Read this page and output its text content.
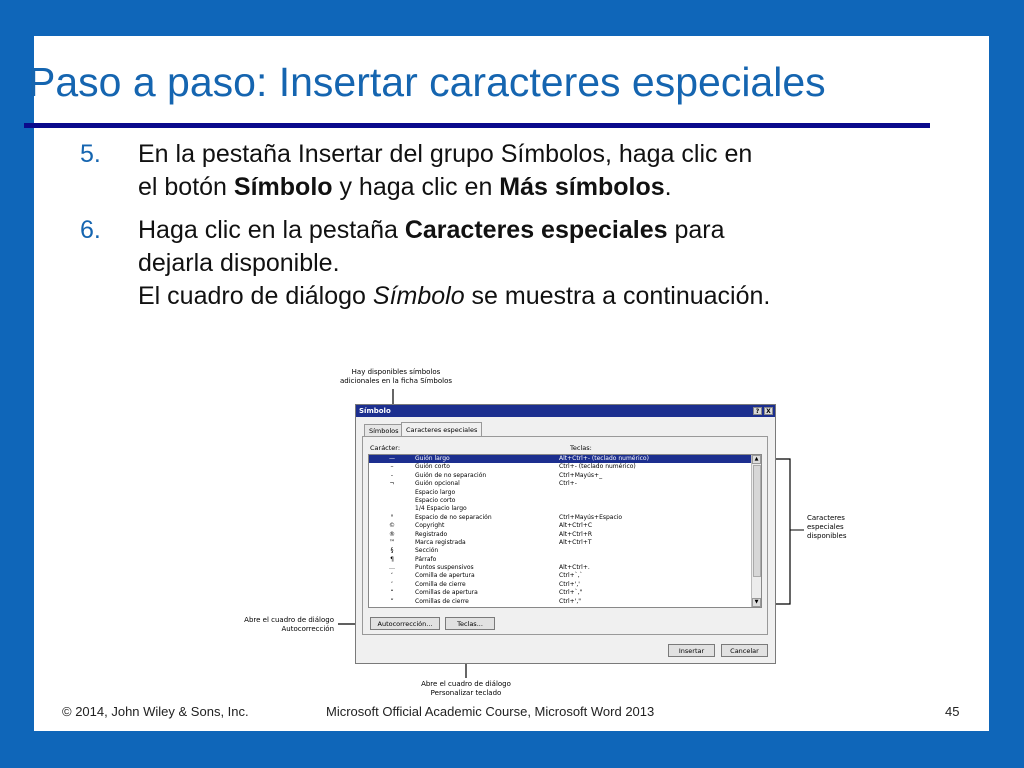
Paso a paso: Insertar caracteres especiales
5. En la pestaña Insertar del grupo Símbolos, haga clic en
el botón Símbolo y haga clic en Más símbolos.
6. Haga clic en la pestaña Caracteres especiales para
dejarla disponible.
El cuadro de diálogo Símbolo se muestra a continuación.
Hay disponibles símbolos
adicionales en la ficha Símbolos
Caracteres
especiales
disponibles
Abre el cuadro de diálogo
Autocorrección
Abre el cuadro de diálogo
Personalizar teclado
Símbolo	?	X
Símbolos	Caracteres especiales
Carácter:	Teclas:
—	Guión largo	Alt+Ctrl+- (teclado numérico)
–	Guión corto	Ctrl+- (teclado numérico)
-	Guión de no separación	Ctrl+Mayús+_
¬	Guión opcional	Ctrl+-
Espacio largo
Espacio corto
1/4 Espacio largo
°	Espacio de no separación	Ctrl+Mayús+Espacio
©	Copyright	Alt+Ctrl+C
®	Registrado	Alt+Ctrl+R
™	Marca registrada	Alt+Ctrl+T
§	Sección
¶	Párrafo
…	Puntos suspensivos	Alt+Ctrl+.
‘	Comilla de apertura	Ctrl+`,`
’	Comilla de cierre	Ctrl+','
“	Comillas de apertura	Ctrl+`,"
”	Comillas de cierre	Ctrl+',"
▲
▼
Autocorrección...	Teclas...
Insertar	Cancelar
© 2014, John Wiley & Sons, Inc.	Microsoft Official Academic Course, Microsoft Word 2013	45
